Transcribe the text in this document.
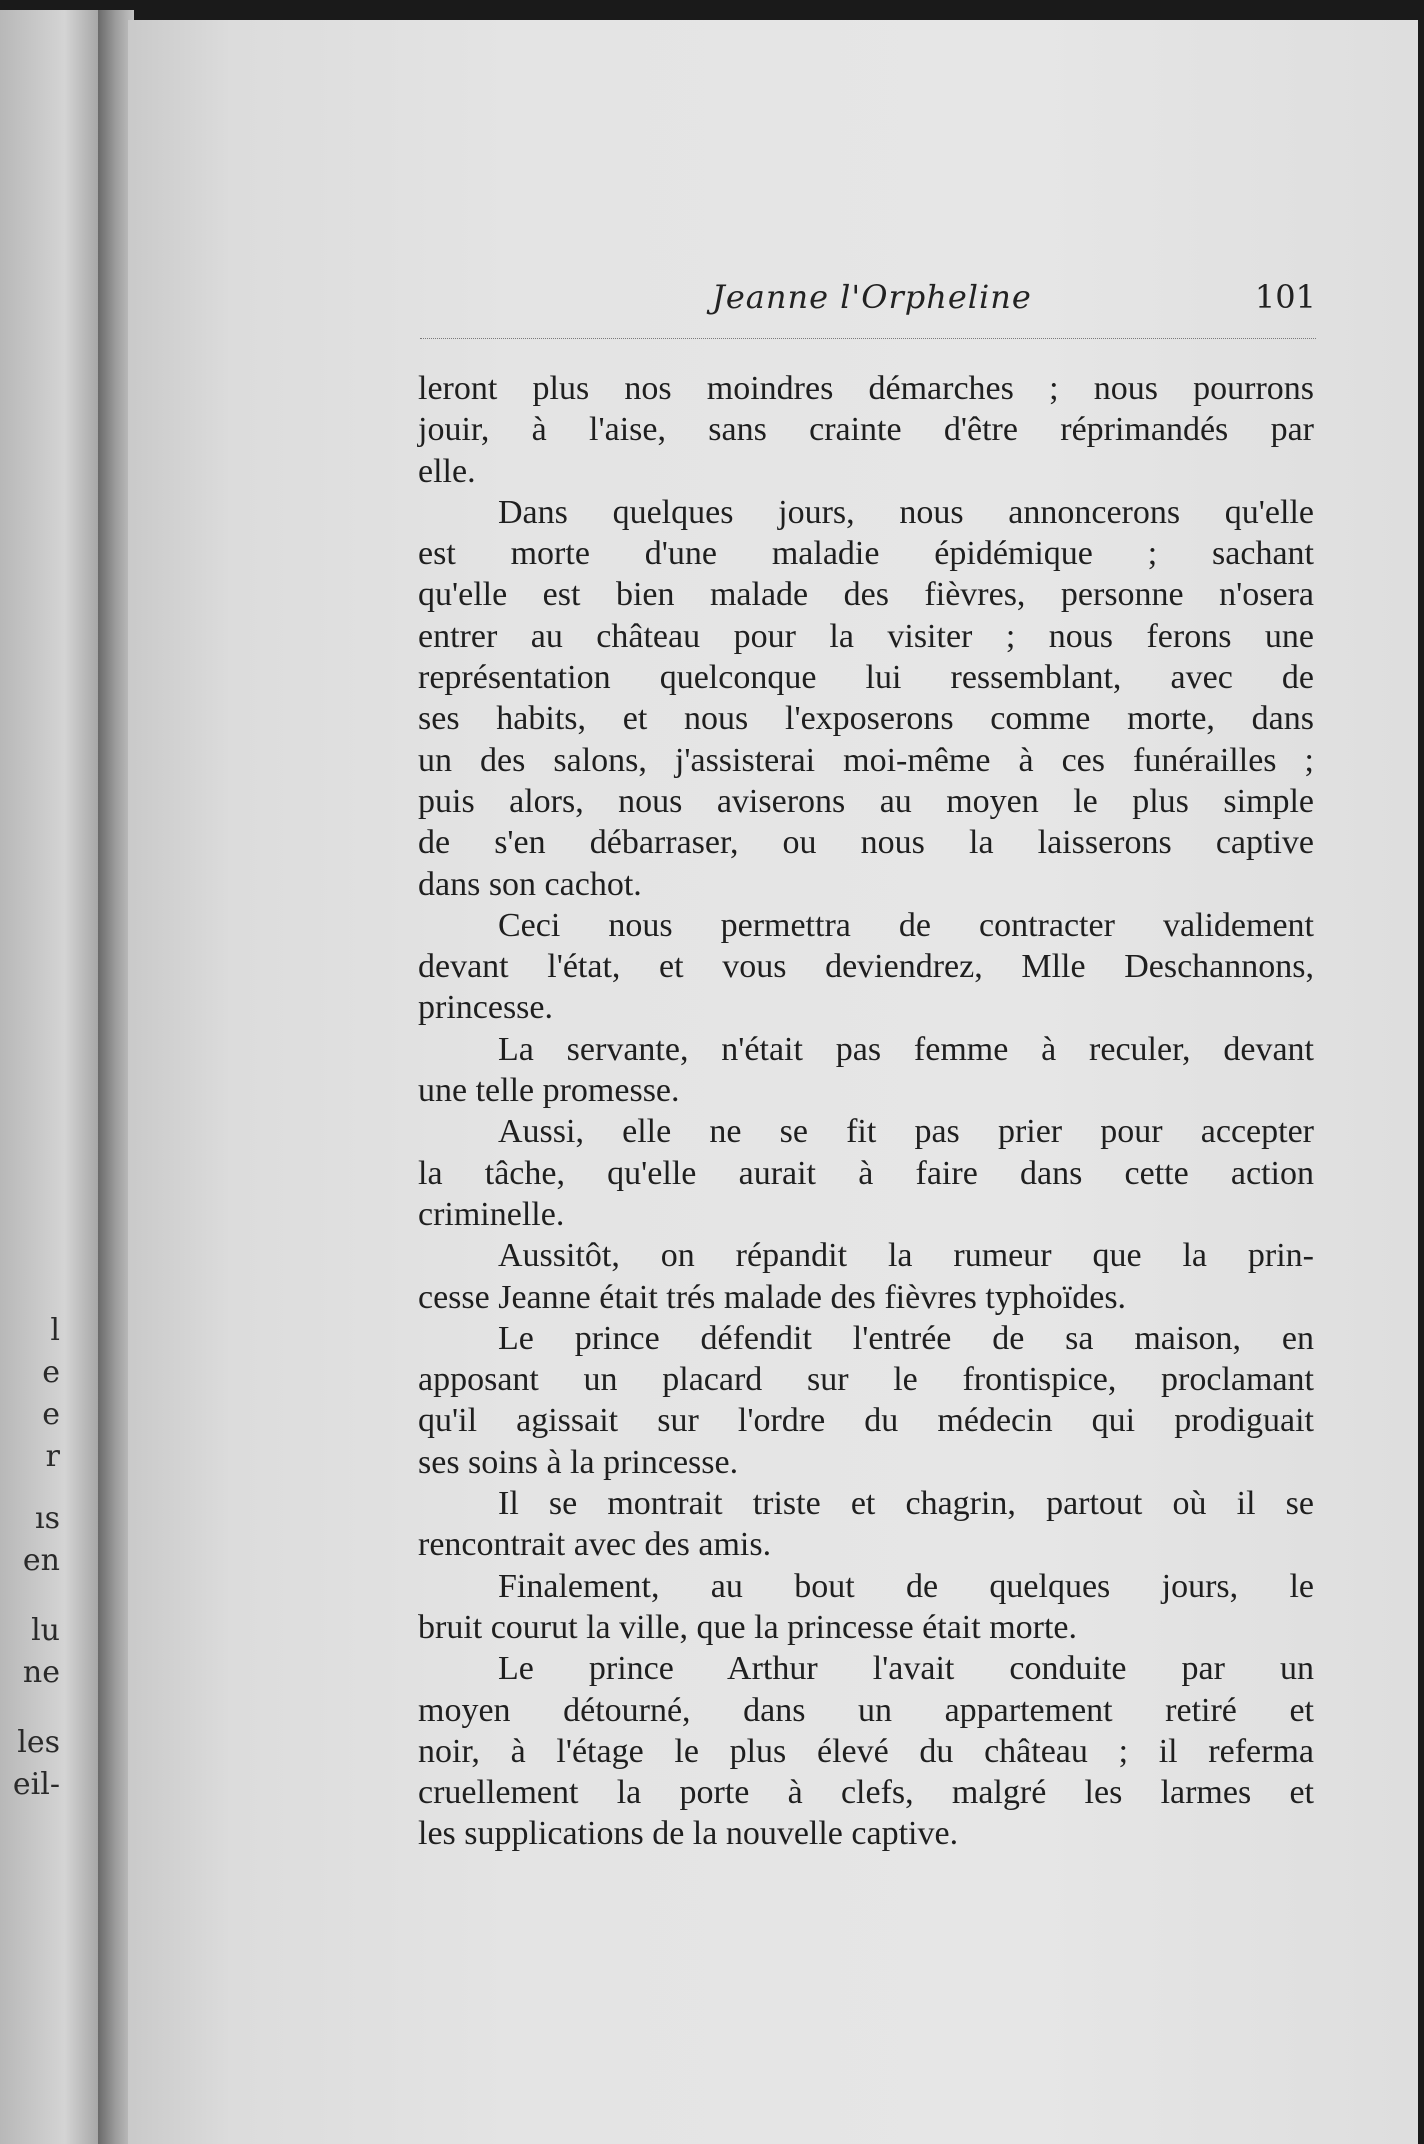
l
e
e
r
ıs
en
lu
ne
les
eil-
Jeanne l'Orpheline	101
leront plus nos moindres démarches ; nous pourrons
jouir, à l'aise, sans crainte d'être réprimandés par
elle.
Dans quelques jours, nous annoncerons qu'elle
est morte d'une maladie épidémique ; sachant
qu'elle est bien malade des fièvres, personne n'osera
entrer au château pour la visiter ; nous ferons une
représentation quelconque lui ressemblant, avec de
ses habits, et nous l'exposerons comme morte, dans
un des salons, j'assisterai moi-même à ces funérailles ;
puis alors, nous aviserons au moyen le plus simple
de s'en débarraser, ou nous la laisserons captive
dans son cachot.
Ceci nous permettra de contracter validement
devant l'état, et vous deviendrez, Mlle Deschannons,
princesse.
La servante, n'était pas femme à reculer, devant
une telle promesse.
Aussi, elle ne se fit pas prier pour accepter
la tâche, qu'elle aurait à faire dans cette action
criminelle.
Aussitôt, on répandit la rumeur que la prin-
cesse Jeanne était trés malade des fièvres typhoïdes.
Le prince défendit l'entrée de sa maison, en
apposant un placard sur le frontispice, proclamant
qu'il agissait sur l'ordre du médecin qui prodiguait
ses soins à la princesse.
Il se montrait triste et chagrin, partout où il se
rencontrait avec des amis.
Finalement, au bout de quelques jours, le
bruit courut la ville, que la princesse était morte.
Le prince Arthur l'avait conduite par un
moyen détourné, dans un appartement retiré et
noir, à l'étage le plus élevé du château ; il referma
cruellement la porte à clefs, malgré les larmes et
les supplications de la nouvelle captive.
